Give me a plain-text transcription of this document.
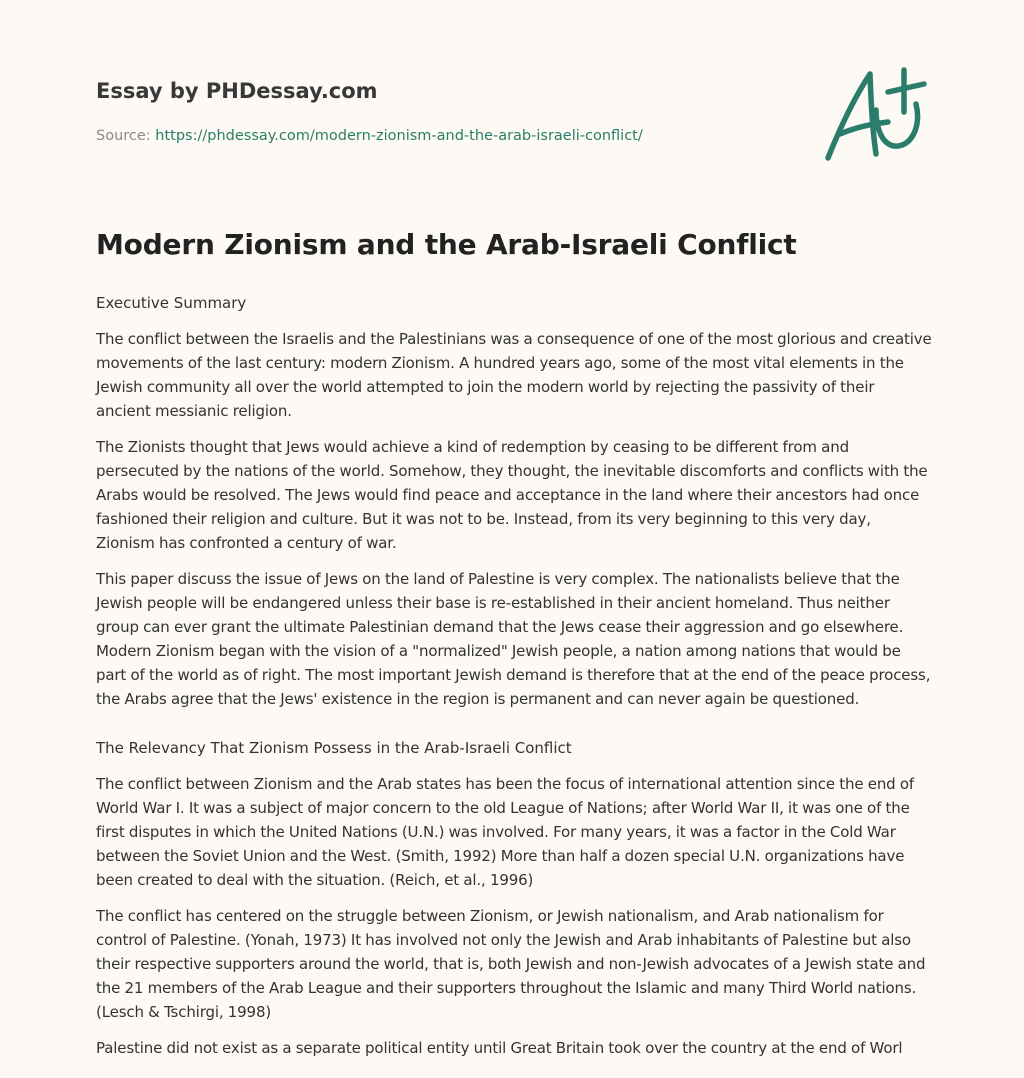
Essay by PHDessay.com
Source: https://phdessay.com/modern-zionism-and-the-arab-israeli-conflict/
Modern Zionism and the Arab-Israeli Conflict

Executive Summary

The conflict between the Israelis and the Palestinians was a consequence of one of the most glorious and creative movements of the last century: modern Zionism. A hundred years ago, some of the most vital elements in the Jewish community all over the world attempted to join the modern world by rejecting the passivity of their ancient messianic religion.

The Zionists thought that Jews would achieve a kind of redemption by ceasing to be different from and persecuted by the nations of the world. Somehow, they thought, the inevitable discomforts and conflicts with the Arabs would be resolved. The Jews would find peace and acceptance in the land where their ancestors had once fashioned their religion and culture. But it was not to be. Instead, from its very beginning to this very day, Zionism has confronted a century of war.

This paper discuss the issue of Jews on the land of Palestine is very complex. The nationalists believe that the Jewish people will be endangered unless their base is re-established in their ancient homeland. Thus neither group can ever grant the ultimate Palestinian demand that the Jews cease their aggression and go elsewhere. Modern Zionism began with the vision of a "normalized" Jewish people, a nation among nations that would be part of the world as of right. The most important Jewish demand is therefore that at the end of the peace process, the Arabs agree that the Jews' existence in the region is permanent and can never again be questioned.

The Relevancy That Zionism Possess in the Arab-Israeli Conflict

The conflict between Zionism and the Arab states has been the focus of international attention since the end of World War I. It was a subject of major concern to the old League of Nations; after World War II, it was one of the first disputes in which the United Nations (U.N.) was involved. For many years, it was a factor in the Cold War between the Soviet Union and the West. (Smith, 1992) More than half a dozen special U.N. organizations have been created to deal with the situation. (Reich, et al., 1996)

The conflict has centered on the struggle between Zionism, or Jewish nationalism, and Arab nationalism for control of Palestine. (Yonah, 1973) It has involved not only the Jewish and Arab inhabitants of Palestine but also their respective supporters around the world, that is, both Jewish and non-Jewish advocates of a Jewish state and the 21 members of the Arab League and their supporters throughout the Islamic and many Third World nations. (Lesch & Tschirgi, 1998)

Palestine did not exist as a separate political entity until Great Britain took over the country at the end of Worl
